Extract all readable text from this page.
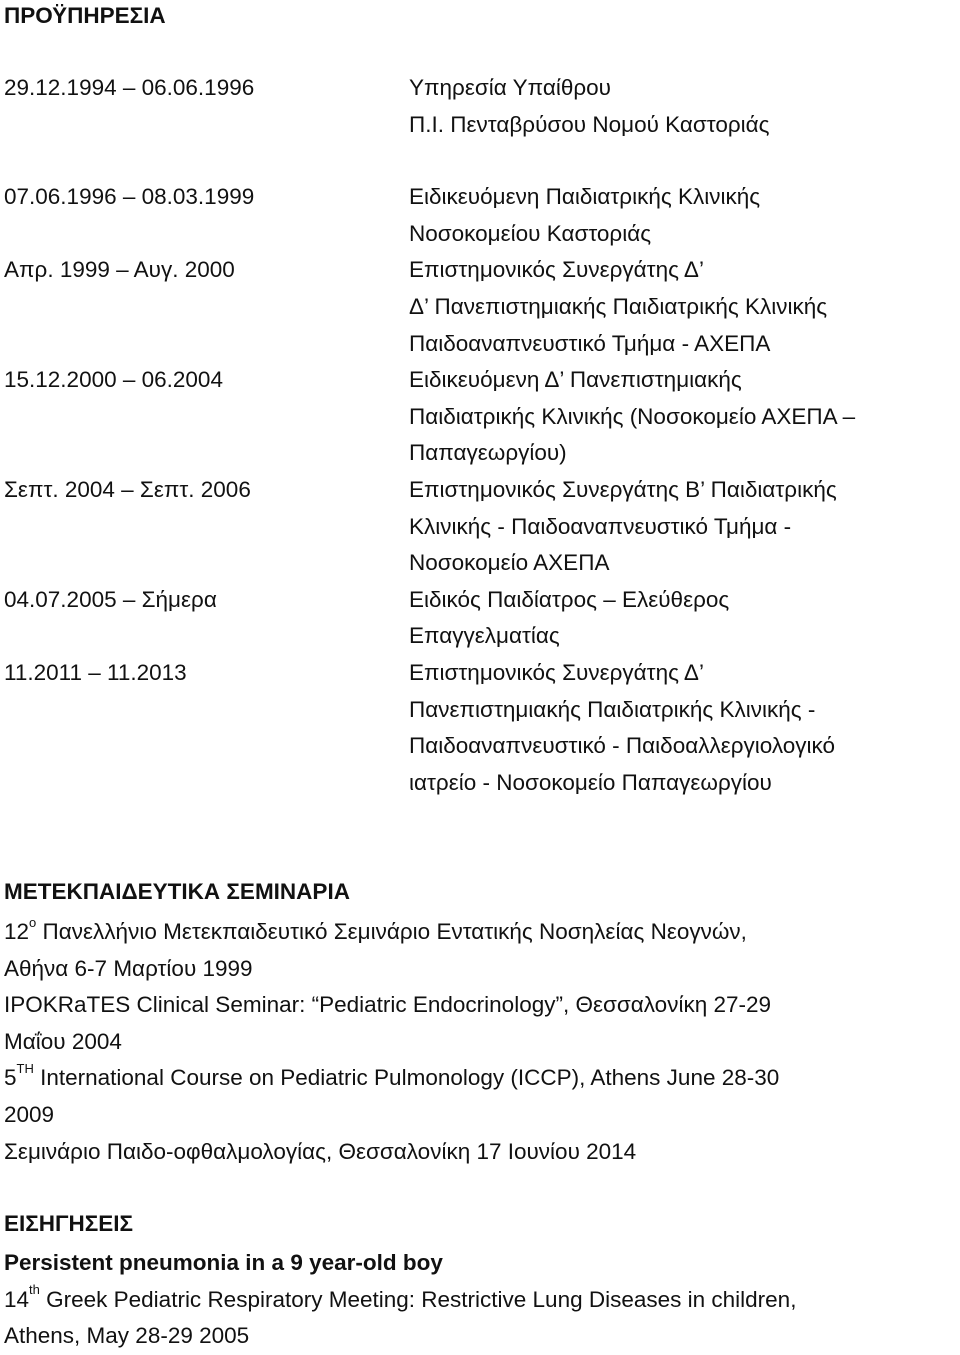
ΠΡΟΫΠΗΡΕΣΙΑ
29.12.1994 – 06.06.1996	Υπηρεσία Υπαίθρου
Π.Ι. Πενταβρύσου Νομού Καστοριάς
07.06.1996 – 08.03.1999	Ειδικευόμενη Παιδιατρικής Κλινικής
Νοσοκομείου Καστοριάς
Απρ. 1999 – Αυγ. 2000	Επιστημονικός Συνεργάτης Δ’
Δ’ Πανεπιστημιακής Παιδιατρικής Κλινικής
Παιδοαναπνευστικό Τμήμα - ΑΧΕΠΑ
15.12.2000 – 06.2004	Ειδικευόμενη Δ’ Πανεπιστημιακής
Παιδιατρικής Κλινικής (Νοσοκομείο ΑΧΕΠΑ –
Παπαγεωργίου)
Σεπτ. 2004 – Σεπτ. 2006	Επιστημονικός Συνεργάτης Β’ Παιδιατρικής
Κλινικής - Παιδοαναπνευστικό Τμήμα -
Νοσοκομείο ΑΧΕΠΑ
04.07.2005 – Σήμερα	Ειδικός Παιδίατρος – Ελεύθερος
Επαγγελματίας
11.2011 – 11.2013	Επιστημονικός Συνεργάτης Δ’
Πανεπιστημιακής Παιδιατρικής Κλινικής -
Παιδοαναπνευστικό - Παιδοαλλεργιολογικό
ιατρείο - Νοσοκομείο Παπαγεωργίου
ΜΕΤΕΚΠΑΙΔΕΥΤΙΚΑ ΣΕΜΙΝΑΡΙΑ
$12^o$ Πανελλήνιο Μετεκπαιδευτικό Σεμινάριο Εντατικής Νοσηλείας Νεογνών,
Αθήνα 6-7 Μαρτίου 1999
IPOKRaTES Clinical Seminar: “Pediatric Endocrinology”, Θεσσαλονίκη 27-29
Μαΐου 2004
5TH International Course on Pediatric Pulmonology (ICCP), Athens June 28-30
2009
Σεμινάριο Παιδο-οφθαλμολογίας, Θεσσαλονίκη 17 Ιουνίου 2014
ΕΙΣΗΓΗΣΕΙΣ
Persistent pneumonia in a 9 year-old boy
14th Greek Pediatric Respiratory Meeting: Restrictive Lung Diseases in children,
Athens, May 28-29 2005
